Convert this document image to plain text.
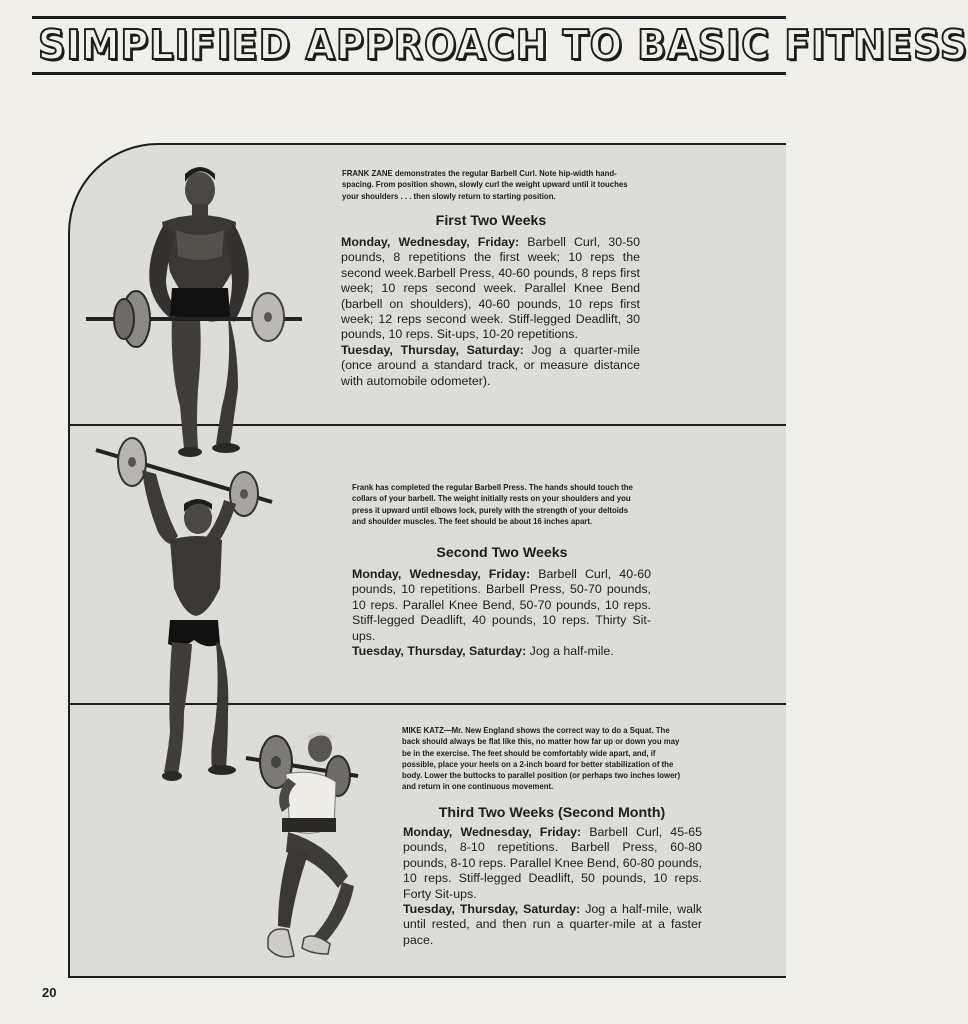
SIMPLIFIED APPROACH TO BASIC FITNESS
FRANK ZANE demonstrates the regular Barbell Curl. Note hip-width hand-spacing. From position shown, slowly curl the weight upward until it touches your shoulders . . . then slowly return to starting position.
First Two Weeks
Monday, Wednesday, Friday: Barbell Curl, 30-50 pounds, 8 repetitions the first week; 10 reps the second week.Barbell Press, 40-60 pounds, 8 reps first week; 10 reps second week. Parallel Knee Bend (barbell on shoulders), 40-60 pounds, 10 reps first week; 12 reps second week. Stiff-legged Deadlift, 30 pounds, 10 reps. Sit-ups, 10-20 repetitions.
Tuesday, Thursday, Saturday: Jog a quarter-mile (once around a standard track, or measure distance with automobile odometer).
Frank has completed the regular Barbell Press. The hands should touch the collars of your barbell. The weight initially rests on your shoulders and you press it upward until elbows lock, purely with the strength of your deltoids and shoulder muscles. The feet should be about 16 inches apart.
Second Two Weeks
Monday, Wednesday, Friday: Barbell Curl, 40-60 pounds, 10 repetitions. Barbell Press, 50-70 pounds, 10 reps. Parallel Knee Bend, 50-70 pounds, 10 reps. Stiff-legged Deadlift, 40 pounds, 10 reps. Thirty Sit-ups.
Tuesday, Thursday, Saturday: Jog a half-mile.
MIKE KATZ—Mr. New England shows the correct way to do a Squat. The back should always be flat like this, no matter how far up or down you may be in the exercise. The feet should be comfortably wide apart, and, if possible, place your heels on a 2-inch board for better stabilization of the body. Lower the buttocks to parallel position (or perhaps two inches lower) and return in one continuous movement.
Third Two Weeks (Second Month)
Monday, Wednesday, Friday: Barbell Curl, 45-65 pounds, 8-10 repetitions. Barbell Press, 60-80 pounds, 8-10 reps. Parallel Knee Bend, 60-80 pounds, 10 reps. Stiff-legged Deadlift, 50 pounds, 10 reps. Forty Sit-ups.
Tuesday, Thursday, Saturday: Jog a half-mile, walk until rested, and then run a quarter-mile at a faster pace.
20
